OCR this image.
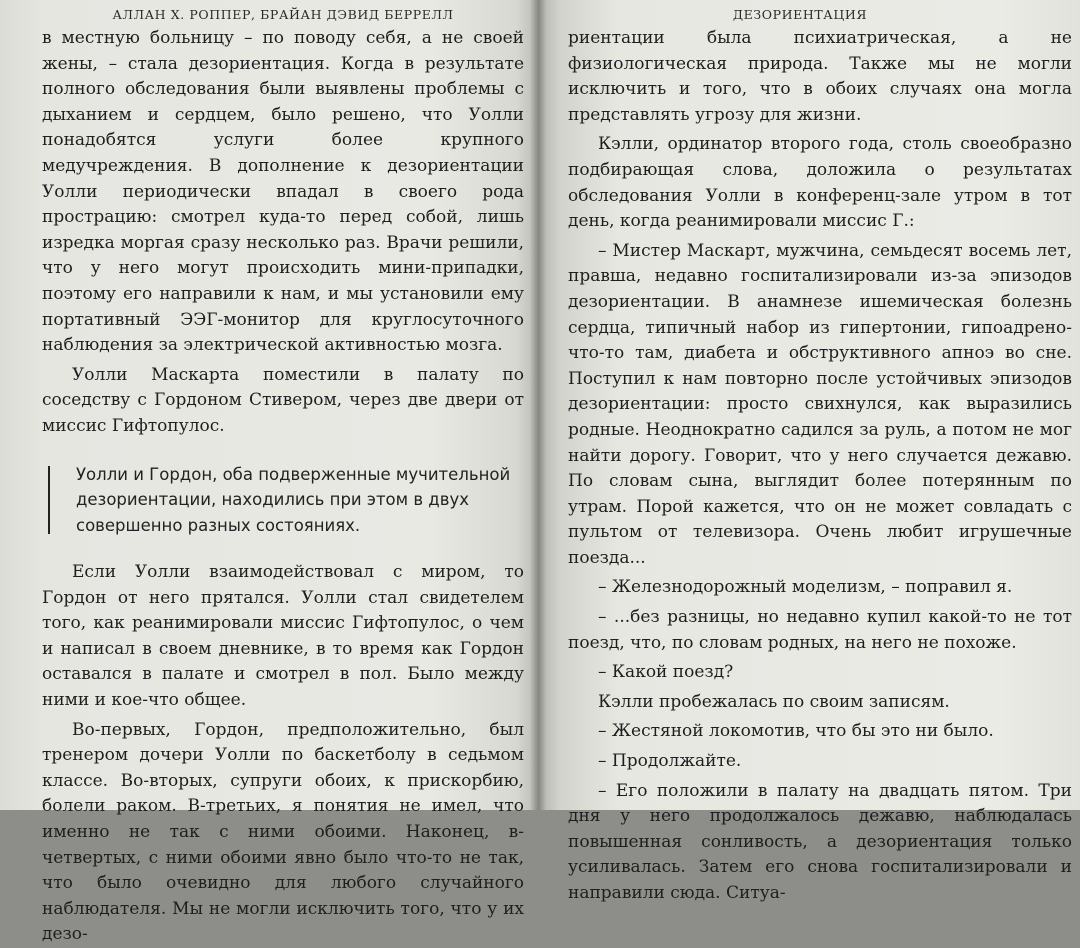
АЛЛАН Х. РОППЕР, БРАЙАН ДЭВИД БЕРРЕЛЛ

в местную больницу – по поводу себя, а не своей жены, – стала дезориентация. Когда в результате полного обследования были выявлены проблемы с дыханием и сердцем, было решено, что Уолли понадобятся услуги более крупного медучреждения. В дополнение к дезориентации Уолли периодически впадал в своего рода прострацию: смотрел куда-то перед собой, лишь изредка моргая сразу несколько раз. Врачи решили, что у него могут происходить мини-припадки, поэтому его направили к нам, и мы установили ему портативный ЭЭГ-монитор для круглосуточного наблюдения за электрической активностью мозга.

Уолли Маскарта поместили в палату по соседству с Гордоном Стивером, через две двери от миссис Гифтопулос.

Уолли и Гордон, оба подверженные мучительной дезориентации, находились при этом в двух совершенно разных состояниях.

Если Уолли взаимодействовал с миром, то Гордон от него прятался. Уолли стал свидетелем того, как реанимировали миссис Гифтопулос, о чем и написал в своем дневнике, в то время как Гордон оставался в палате и смотрел в пол. Было между ними и кое-что общее.

Во-первых, Гордон, предположительно, был тренером дочери Уолли по баскетболу в седьмом классе. Во-вторых, супруги обоих, к прискорбию, болели раком. В-третьих, я понятия не имел, что именно не так с ними обоими. Наконец, в-четвертых, с ними обоими явно было что-то не так, что было очевидно для любого случайного наблюдателя. Мы не могли исключить того, что у их дезо-

ДЕЗОРИЕНТАЦИЯ

риентации была психиатрическая, а не физиологическая природа. Также мы не могли исключить и того, что в обоих случаях она могла представлять угрозу для жизни.

Кэлли, ординатор второго года, столь своеобразно подбирающая слова, доложила о результатах обследования Уолли в конференц-зале утром в тот день, когда реанимировали миссис Г.:

– Мистер Маскарт, мужчина, семьдесят восемь лет, правша, недавно госпитализировали из-за эпизодов дезориентации. В анамнезе ишемическая болезнь сердца, типичный набор из гипертонии, гипоадрено-что-то там, диабета и обструктивного апноэ во сне. Поступил к нам повторно после устойчивых эпизодов дезориентации: просто свихнулся, как выразились родные. Неоднократно садился за руль, а потом не мог найти дорогу. Говорит, что у него случается дежавю. По словам сына, выглядит более потерянным по утрам. Порой кажется, что он не может совладать с пультом от телевизора. Очень любит игрушечные поезда...

– Железнодорожный моделизм, – поправил я.

– ...без разницы, но недавно купил какой-то не тот поезд, что, по словам родных, на него не похоже.

– Какой поезд?

Кэлли пробежалась по своим записям.

– Жестяной локомотив, что бы это ни было.

– Продолжайте.

– Его положили в палату на двадцать пятом. Три дня у него продолжалось дежавю, наблюдалась повышенная сонливость, а дезориентация только усиливалась. Затем его снова госпитализировали и направили сюда. Ситуа-
